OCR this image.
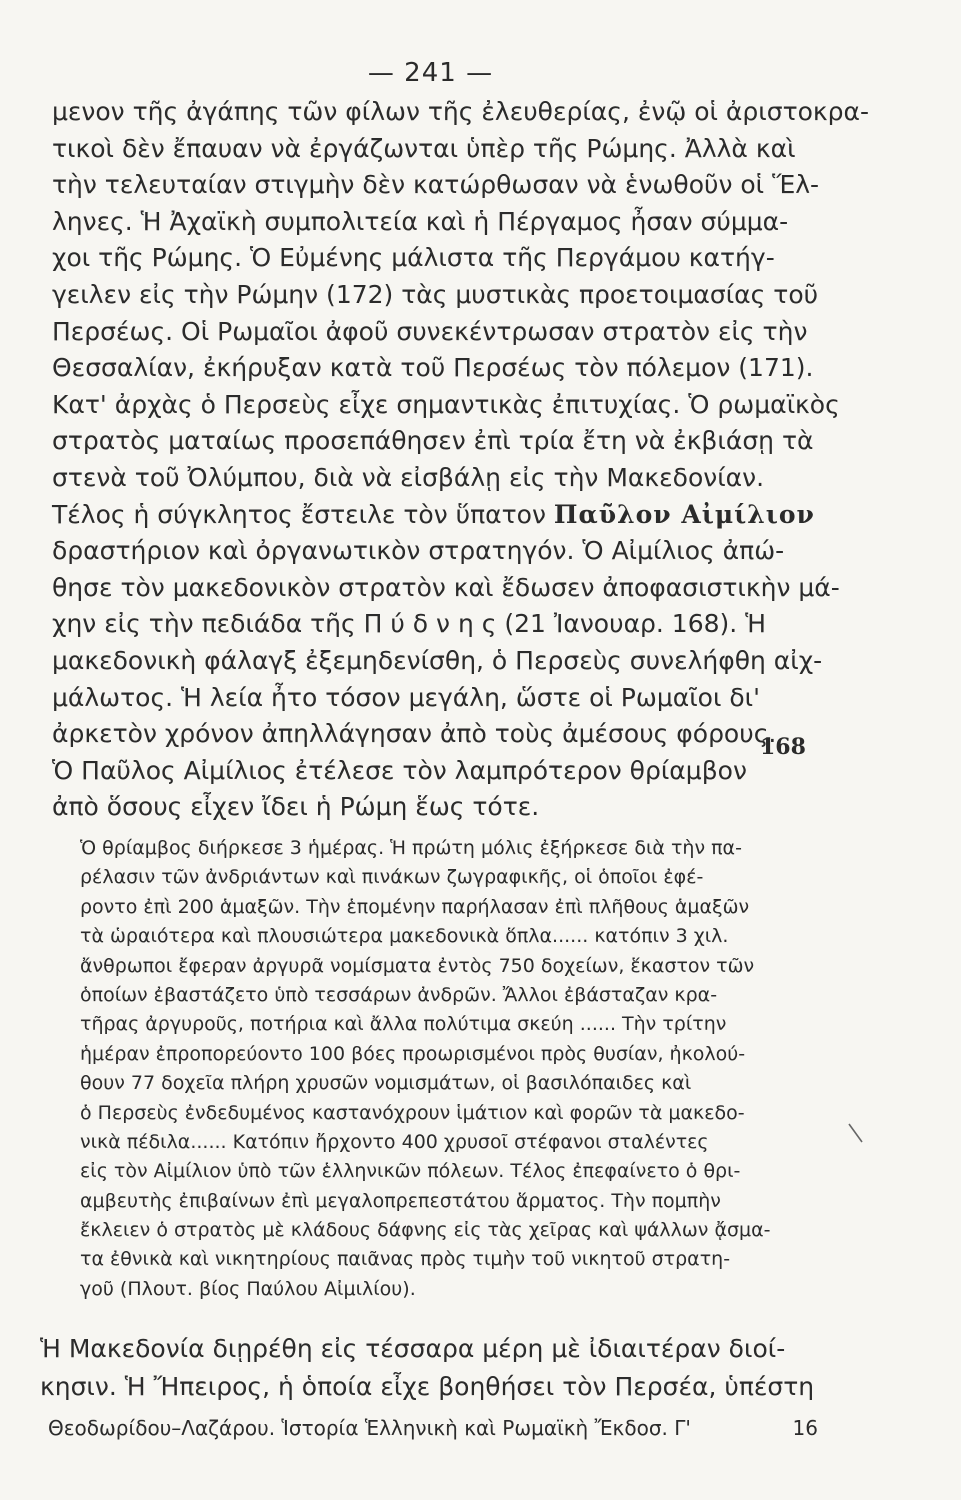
— 241 —
μενον τῆς ἀγάπης τῶν φίλων τῆς ἐλευθερίας, ἐνῷ οἱ ἀριστοκρα-
τικοὶ δὲν ἔπαυαν νὰ ἐργάζωνται ὑπὲρ τῆς Ρώμης. Ἀλλὰ καὶ
τὴν τελευταίαν στιγμὴν δὲν κατώρθωσαν νὰ ἑνωθοῦν οἱ Ἕλ-
ληνες. Ἡ Ἀχαϊκὴ συμπολιτεία καὶ ἡ Πέργαμος ἦσαν σύμμα-
χοι τῆς Ρώμης. Ὁ Εὐμένης μάλιστα τῆς Περγάμου κατήγ-
γειλεν εἰς τὴν Ρώμην (172) τὰς μυστικὰς προετοιμασίας τοῦ
Περσέως. Οἱ Ρωμαῖοι ἀφοῦ συνεκέντρωσαν στρατὸν εἰς τὴν
Θεσσαλίαν, ἐκήρυξαν κατὰ τοῦ Περσέως τὸν πόλεμον (171).
Κατ' ἀρχὰς ὁ Περσεὺς εἶχε σημαντικὰς ἐπιτυχίας. Ὁ ρωμαϊκὸς
στρατὸς ματαίως προσεπάθησεν ἐπὶ τρία ἔτη νὰ ἐκβιάσῃ τὰ
στενὰ τοῦ Ὀλύμπου, διὰ νὰ εἰσβάλῃ εἰς τὴν Μακεδονίαν.
Τέλος ἡ σύγκλητος ἔστειλε τὸν ὕπατον Παῦλον Αἰμίλιον
δραστήριον καὶ ὀργανωτικὸν στρατηγόν. Ὁ Αἰμίλιος ἀπώ-
θησε τὸν μακεδονικὸν στρατὸν καὶ ἔδωσεν ἀποφασιστικὴν μά-
χην εἰς τὴν πεδιάδα τῆς Π ύ δ ν η ς (21 Ἰανουαρ. 168). Ἡ
μακεδονικὴ φάλαγξ ἐξεμηδενίσθη, ὁ Περσεὺς συνελήφθη αἰχ-
μάλωτος. Ἡ λεία ἦτο τόσον μεγάλη, ὥστε οἱ Ρωμαῖοι δι'
ἀρκετὸν χρόνον ἀπηλλάγησαν ἀπὸ τοὺς ἀμέσους φόρους.
Ὁ Παῦλος Αἰμίλιος ἐτέλεσε τὸν λαμπρότερον θρίαμβον
ἀπὸ ὅσους εἶχεν ἴδει ἡ Ρώμη ἕως τότε.
168
Ὁ θρίαμβος διήρκεσε 3 ἡμέρας. Ἡ πρώτη μόλις ἐξήρκεσε διὰ τὴν πα-
ρέλασιν τῶν ἀνδριάντων καὶ πινάκων ζωγραφικῆς, οἱ ὁποῖοι ἐφέ-
ροντο ἐπὶ 200 ἁμαξῶν. Τὴν ἑπομένην παρήλασαν ἐπὶ πλῆθους ἁμαξῶν
τὰ ὡραιότερα καὶ πλουσιώτερα μακεδονικὰ ὅπλα...... κατόπιν 3 χιλ.
ἄνθρωποι ἔφεραν ἀργυρᾶ νομίσματα ἐντὸς 750 δοχείων, ἕκαστον τῶν
ὁποίων ἐβαστάζετο ὑπὸ τεσσάρων ἀνδρῶν. Ἄλλοι ἐβάσταζαν κρα-
τῆρας ἀργυροῦς, ποτήρια καὶ ἄλλα πολύτιμα σκεύη ...... Τὴν τρίτην
ἡμέραν ἐπροπορεύοντο 100 βόες προωρισμένοι πρὸς θυσίαν, ἠκολού-
θουν 77 δοχεῖα πλήρη χρυσῶν νομισμάτων, οἱ βασιλόπαιδες καὶ
ὁ Περσεὺς ἐνδεδυμένος καστανόχρουν ἱμάτιον καὶ φορῶν τὰ μακεδο-
νικὰ πέδιλα...... Κατόπιν ἤρχοντο 400 χρυσοῖ στέφανοι σταλέντες
εἰς τὸν Αἰμίλιον ὑπὸ τῶν ἑλληνικῶν πόλεων. Τέλος ἐπεφαίνετο ὁ θρι-
αμβευτὴς ἐπιβαίνων ἐπὶ μεγαλοπρεπεστάτου ἅρματος. Τὴν πομπὴν
ἔκλειεν ὁ στρατὸς μὲ κλάδους δάφνης εἰς τὰς χεῖρας καὶ ψάλλων ᾄσμα-
τα ἐθνικὰ καὶ νικητηρίους παιᾶνας πρὸς τιμὴν τοῦ νικητοῦ στρατη-
γοῦ (Πλουτ. βίος Παύλου Αἰμιλίου).
Ἡ Μακεδονία διῃρέθη εἰς τέσσαρα μέρη μὲ ἰδιαιτέραν διοί-
κησιν. Ἡ Ἤπειρος, ἡ ὁποία εἶχε βοηθήσει τὸν Περσέα, ὑπέστη
Θεοδωρίδου–Λαζάρου. Ἱστορία Ἑλληνικὴ καὶ Ρωμαϊκὴ Ἔκδοσ. Γ'	16
